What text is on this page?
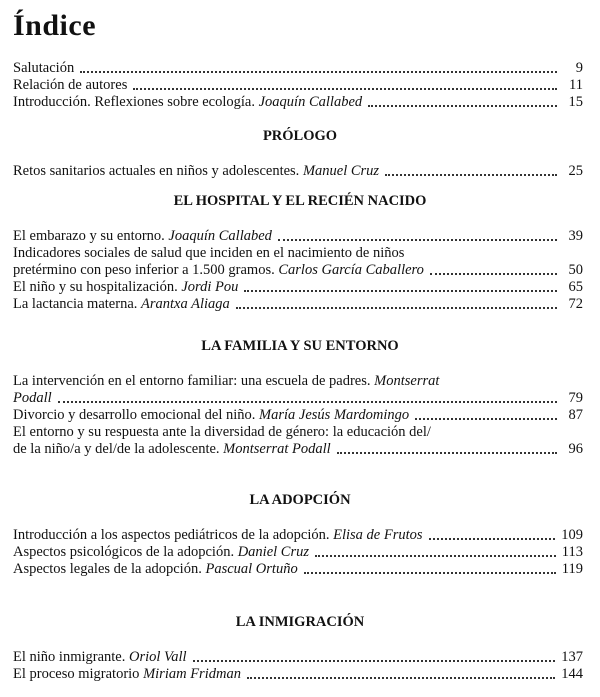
Índice
Salutación	9
Relación de autores	11
Introducción. Reflexiones sobre ecología. Joaquín Callabed	15
PRÓLOGO
Retos sanitarios actuales en niños y adolescentes. Manuel Cruz	25
EL HOSPITAL Y EL RECIÉN NACIDO
El embarazo y su entorno. Joaquín Callabed	39
Indicadores sociales de salud que inciden en el nacimiento de niños
pretérmino con peso inferior a 1.500 gramos. Carlos García Caballero	50
El niño y su hospitalización. Jordi Pou	65
La lactancia materna. Arantxa Aliaga	72
LA FAMILIA Y SU ENTORNO
La intervención en el entorno familiar: una escuela de padres. Montserrat
Podall	79
Divorcio y desarrollo emocional del niño. María Jesús Mardomingo	87
El entorno y su respuesta ante la diversidad de género: la educación del/
de la niño/a y del/de la adolescente. Montserrat Podall	96
LA ADOPCIÓN
Introducción a los aspectos pediátricos de la adopción. Elisa de Frutos	109
Aspectos psicológicos de la adopción. Daniel Cruz	113
Aspectos legales de la adopción. Pascual Ortuño	119
LA INMIGRACIÓN
El niño inmigrante. Oriol Vall	137
El proceso migratorio Miriam Fridman	144
